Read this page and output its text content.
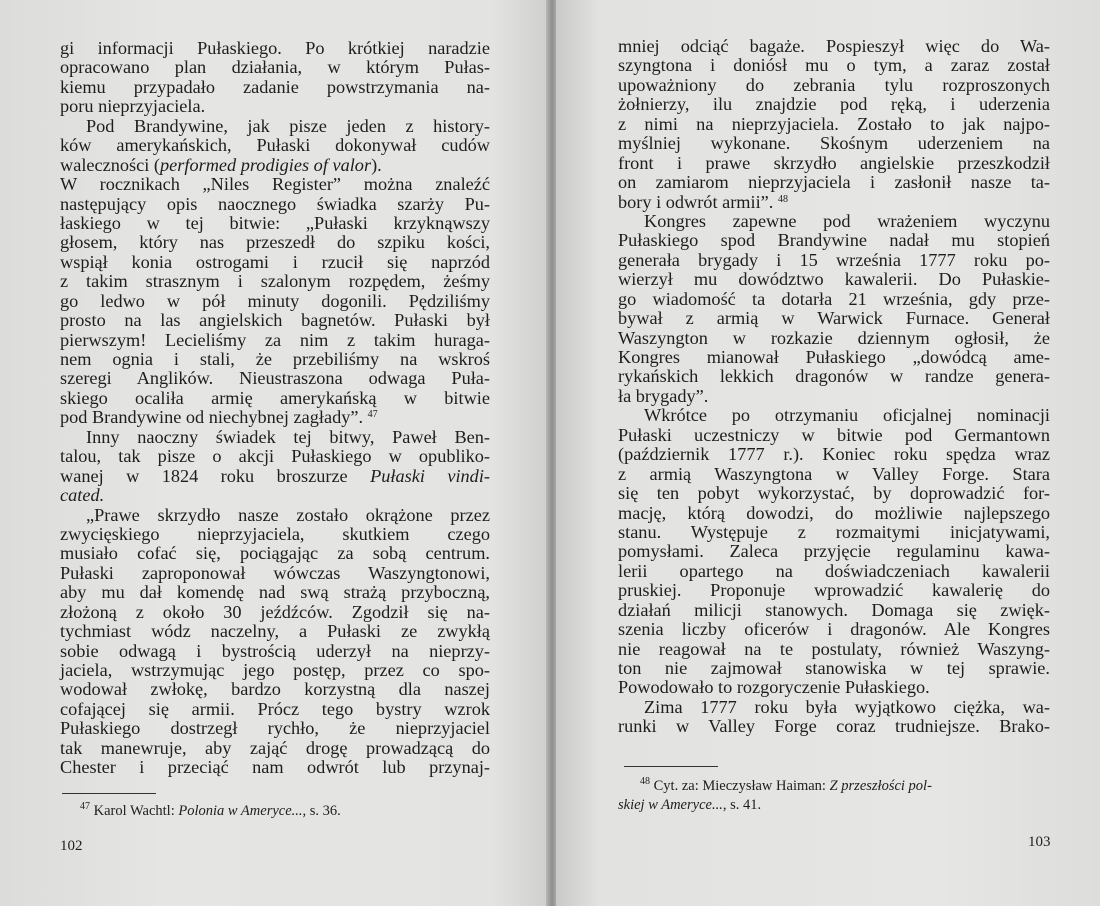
gi informacji Pułaskiego. Po krótkiej naradzie
opracowano plan działania, w którym Pułas-
kiemu przypadało zadanie powstrzymania na-
poru nieprzyjaciela.
Pod Brandywine, jak pisze jeden z history-
ków amerykańskich, Pułaski dokonywał cudów
waleczności (performed prodigies of valor).
W rocznikach „Niles Register” można znaleźć
następujący opis naocznego świadka szarży Pu-
łaskiego w tej bitwie: „Pułaski krzyknąwszy
głosem, który nas przeszedł do szpiku kości,
wspiął konia ostrogami i rzucił się naprzód
z takim strasznym i szalonym rozpędem, żeśmy
go ledwo w pół minuty dogonili. Pędziliśmy
prosto na las angielskich bagnetów. Pułaski był
pierwszym! Lecieliśmy za nim z takim huraga-
nem ognia i stali, że przebiliśmy na wskroś
szeregi Anglików. Nieustraszona odwaga Puła-
skiego ocaliła armię amerykańską w bitwie
pod Brandywine od niechybnej zagłady”. $^{47}$
Inny naoczny świadek tej bitwy, Paweł Ben-
talou, tak pisze o akcji Pułaskiego w opubliko-
wanej w 1824 roku broszurze Pułaski vindi-
cated.
„Prawe skrzydło nasze zostało okrążone przez
zwycięskiego nieprzyjaciela, skutkiem czego
musiało cofać się, pociągając za sobą centrum.
Pułaski zaproponował wówczas Waszyngtonowi,
aby mu dał komendę nad swą strażą przyboczną,
złożoną z około 30 jeźdźców. Zgodził się na-
tychmiast wódz naczelny, a Pułaski ze zwykłą
sobie odwagą i bystrością uderzył na nieprzy-
jaciela, wstrzymując jego postęp, przez co spo-
wodował zwłokę, bardzo korzystną dla naszej
cofającej się armii. Prócz tego bystry wzrok
Pułaskiego dostrzegł rychło, że nieprzyjaciel
tak manewruje, aby zająć drogę prowadzącą do
Chester i przeciąć nam odwrót lub przynaj-
$^{47}$ Karol Wachtl: Polonia w Ameryce..., s. 36.
102
mniej odciąć bagaże. Pospieszył więc do Wa-
szyngtona i doniósł mu o tym, a zaraz został
upoważniony do zebrania tylu rozproszonych
żołnierzy, ilu znajdzie pod ręką, i uderzenia
z nimi na nieprzyjaciela. Zostało to jak najpo-
myślniej wykonane. Skośnym uderzeniem na
front i prawe skrzydło angielskie przeszkodził
on zamiarom nieprzyjaciela i zasłonił nasze ta-
bory i odwrót armii”. $^{48}$
Kongres zapewne pod wrażeniem wyczynu
Pułaskiego spod Brandywine nadał mu stopień
generała brygady i 15 września 1777 roku po-
wierzył mu dowództwo kawalerii. Do Pułaskie-
go wiadomość ta dotarła 21 września, gdy prze-
bywał z armią w Warwick Furnace. Generał
Waszyngton w rozkazie dziennym ogłosił, że
Kongres mianował Pułaskiego „dowódcą ame-
rykańskich lekkich dragonów w randze genera-
ła brygady”.
Wkrótce po otrzymaniu oficjalnej nominacji
Pułaski uczestniczy w bitwie pod Germantown
(październik 1777 r.). Koniec roku spędza wraz
z armią Waszyngtona w Valley Forge. Stara
się ten pobyt wykorzystać, by doprowadzić for-
mację, którą dowodzi, do możliwie najlepszego
stanu. Występuje z rozmaitymi inicjatywami,
pomysłami. Zaleca przyjęcie regulaminu kawa-
lerii opartego na doświadczeniach kawalerii
pruskiej. Proponuje wprowadzić kawalerię do
działań milicji stanowych. Domaga się zwięk-
szenia liczby oficerów i dragonów. Ale Kongres
nie reagował na te postulaty, również Waszyng-
ton nie zajmował stanowiska w tej sprawie.
Powodowało to rozgoryczenie Pułaskiego.
Zima 1777 roku była wyjątkowo ciężka, wa-
runki w Valley Forge coraz trudniejsze. Brako-
$^{48}$ Cyt. za: Mieczysław Haiman: Z przeszłości pol-
skiej w Ameryce..., s. 41.
103
